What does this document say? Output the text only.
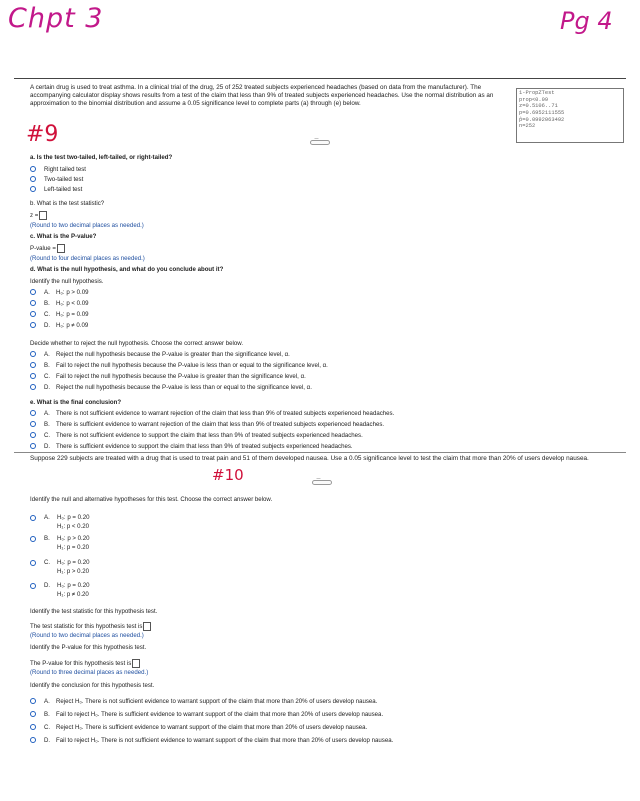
Chpt 3	Pg 4
A certain drug is used to treat asthma. In a clinical trial of the drug, 25 of 252 treated subjects experienced headaches (based on data from the manufacturer). The accompanying calculator display shows results from a test of the claim that less than 9% of treated subjects experienced headaches. Use the normal distribution as an approximation to the binomial distribution and assume a 0.05 significance level to complete parts (a) through (e) below.
1-PropZTest
prop<0.09
z=0.5106..71
p=0.6952111555
p̂=0.0992063492
n=252
#9
····
a. Is the test two-tailed, left-tailed, or right-tailed?
Right tailed test
Two-tailed test
Left-tailed test
b. What is the test statistic?
z =
(Round to two decimal places as needed.)
c. What is the P-value?
P-value =
(Round to four decimal places as needed.)
d. What is the null hypothesis, and what do you conclude about it?
Identify the null hypothesis.
A. H₀: p > 0.09
B. H₀: p < 0.09
C. H₀: p = 0.09
D. H₀: p ≠ 0.09
Decide whether to reject the null hypothesis. Choose the correct answer below.
A. Reject the null hypothesis because the P-value is greater than the significance level, α.
B. Fail to reject the null hypothesis because the P-value is less than or equal to the significance level, α.
C. Fail to reject the null hypothesis because the P-value is greater than the significance level, α.
D. Reject the null hypothesis because the P-value is less than or equal to the significance level, α.
e. What is the final conclusion?
A. There is not sufficient evidence to warrant rejection of the claim that less than 9% of treated subjects experienced headaches.
B. There is sufficient evidence to warrant rejection of the claim that less than 9% of treated subjects experienced headaches.
C. There is not sufficient evidence to support the claim that less than 9% of treated subjects experienced headaches.
D. There is sufficient evidence to support the claim that less than 9% of treated subjects experienced headaches.
Suppose 229 subjects are treated with a drug that is used to treat pain and 51 of them developed nausea. Use a 0.05 significance level to test the claim that more than 20% of users develop nausea.
#10
····
Identify the null and alternative hypotheses for this test. Choose the correct answer below.
A.	H₀: p = 0.20
H₁: p < 0.20
B.	H₀: p > 0.20
H₁: p = 0.20
C.	H₀: p = 0.20
H₁: p > 0.20
D.	H₀: p = 0.20
H₁: p ≠ 0.20
Identify the test statistic for this hypothesis test.
The test statistic for this hypothesis test is
(Round to two decimal places as needed.)
Identify the P-value for this hypothesis test.
The P-value for this hypothesis test is
(Round to three decimal places as needed.)
Identify the conclusion for this hypothesis test.
A. Reject H₀. There is not sufficient evidence to warrant support of the claim that more than 20% of users develop nausea.
B. Fail to reject H₀. There is sufficient evidence to warrant support of the claim that more than 20% of users develop nausea.
C. Reject H₀. There is sufficient evidence to warrant support of the claim that more than 20% of users develop nausea.
D. Fail to reject H₀. There is not sufficient evidence to warrant support of the claim that more than 20% of users develop nausea.
